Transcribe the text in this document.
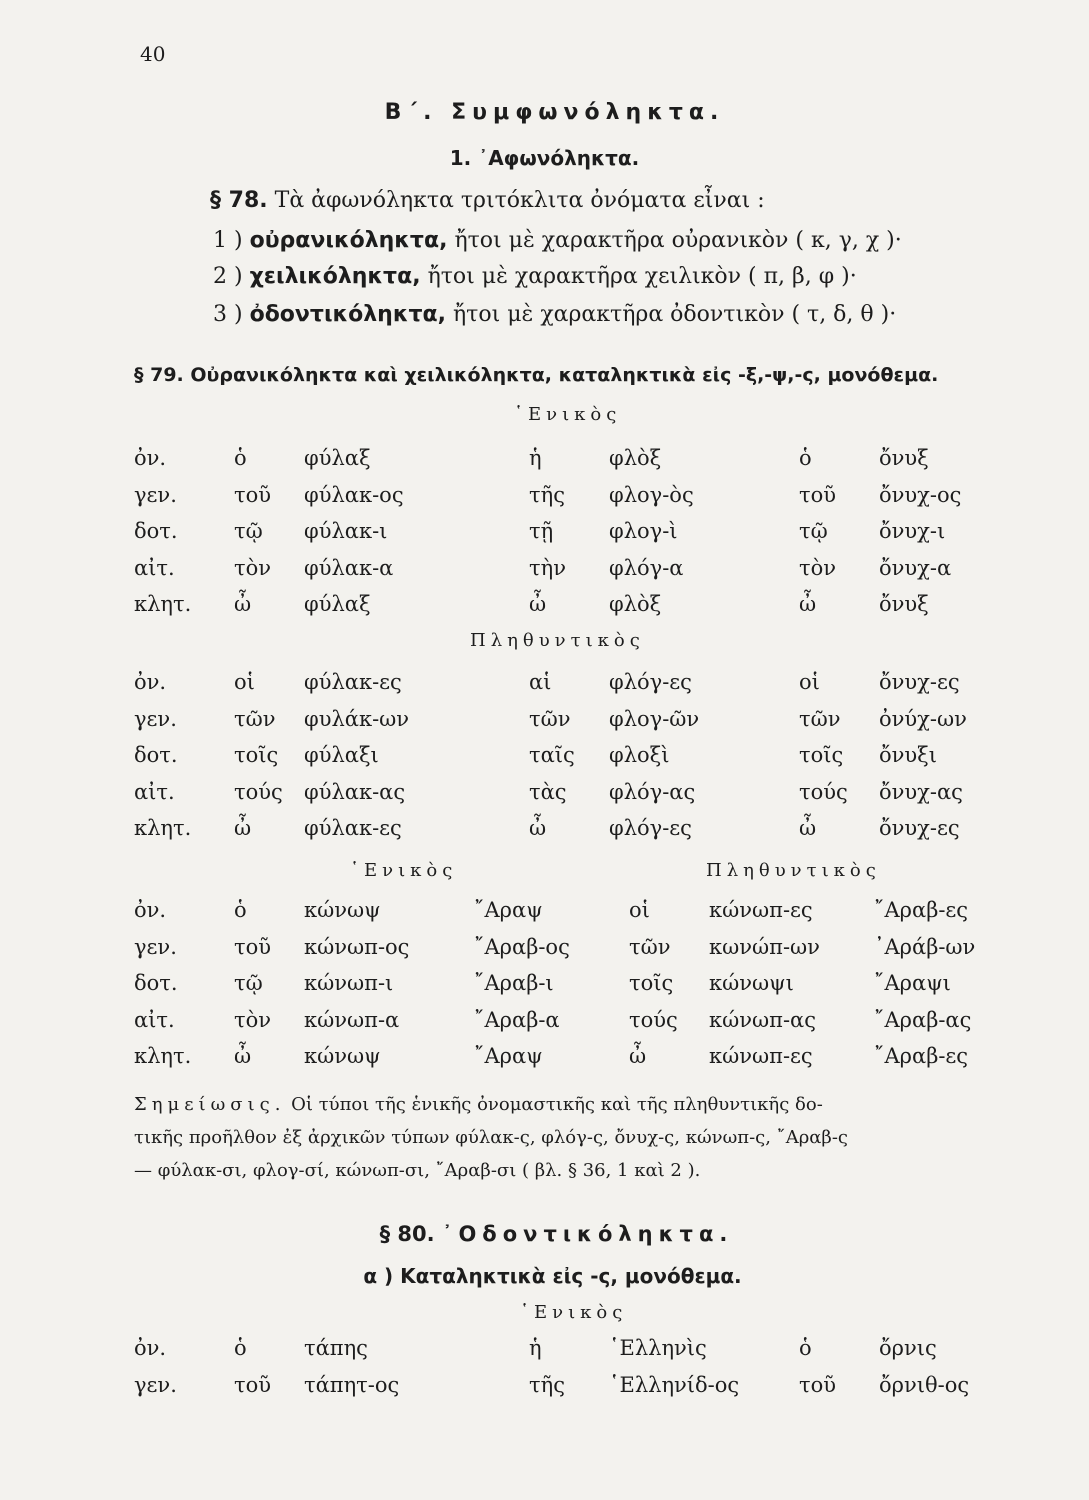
40
Β΄. Συμφωνόληκτα.
1. ᾿Αφωνόληκτα.
§ 78. Τὰ ἀφωνόληκτα τριτόκλιτα ὀνόματα εἶναι :
1 ) οὐρανικόληκτα, ἤτοι μὲ χαρακτῆρα οὐρανικὸν ( κ, γ, χ )·
2 ) χειλικόληκτα, ἤτοι μὲ χαρακτῆρα χειλικὸν ( π, β, φ )·
3 ) ὀδοντικόληκτα, ἤτοι μὲ χαρακτῆρα ὀδοντικὸν ( τ, δ, θ )·
§ 79. Οὐρανικόληκτα καὶ χειλικόληκτα, καταληκτικὰ εἰς -ξ,-ψ,-ς, μονόθεμα.
῾Ενικὸς
ὀν.	ὁ	φύλαξ	ἡ	φλὸξ	ὁ	ὄνυξ
γεν.	τοῦ	φύλακ-ος	τῆς	φλογ-ὸς	τοῦ	ὄνυχ-ος
δοτ.	τῷ	φύλακ-ι	τῇ	φλογ-ὶ	τῷ	ὄνυχ-ι
αἰτ.	τὸν	φύλακ-α	τὴν	φλόγ-α	τὸν	ὄνυχ-α
κλητ.	ὦ	φύλαξ	ὦ	φλὸξ	ὦ	ὄνυξ
Πληθυντικὸς
ὀν.	οἱ	φύλακ-ες	αἱ	φλόγ-ες	οἱ	ὄνυχ-ες
γεν.	τῶν	φυλάκ-ων	τῶν	φλογ-ῶν	τῶν	ὀνύχ-ων
δοτ.	τοῖς	φύλαξι	ταῖς	φλοξὶ	τοῖς	ὄνυξι
αἰτ.	τούς	φύλακ-ας	τὰς	φλόγ-ας	τούς	ὄνυχ-ας
κλητ.	ὦ	φύλακ-ες	ὦ	φλόγ-ες	ὦ	ὄνυχ-ες
῾Ενικὸς	Πληθυντικὸς
ὀν.	ὁ	κώνωψ	῎Αραψ	οἱ	κώνωπ-ες	῎Αραβ-ες
γεν.	τοῦ	κώνωπ-ος	῎Αραβ-ος	τῶν	κωνώπ-ων	᾿Αράβ-ων
δοτ.	τῷ	κώνωπ-ι	῎Αραβ-ι	τοῖς	κώνωψι	῎Αραψι
αἰτ.	τὸν	κώνωπ-α	῎Αραβ-α	τούς	κώνωπ-ας	῎Αραβ-ας
κλητ.	ὦ	κώνωψ	῎Αραψ	ὦ	κώνωπ-ες	῎Αραβ-ες
Σημείωσις. Οἱ τύποι τῆς ἑνικῆς ὀνομαστικῆς καὶ τῆς πληθυντικῆς δο-
τικῆς προῆλθον ἐξ ἀρχικῶν τύπων φύλακ-ς, φλόγ-ς, ὄνυχ-ς, κώνωπ-ς, ῎Αραβ-ς
— φύλακ-σι, φλογ-σί, κώνωπ-σι, ῎Αραβ-σι ( βλ. § 36, 1 καὶ 2 ).
§ 80. ᾿Οδοντικόληκτα.
α ) Καταληκτικὰ εἰς -ς, μονόθεμα.
῾Ενικὸς
ὀν.	ὁ	τάπης	ἡ	῾Ελληνὶς	ὁ	ὄρνις
γεν.	τοῦ	τάπητ-ος	τῆς	῾Ελληνίδ-ος	τοῦ	ὄρνιθ-ος
